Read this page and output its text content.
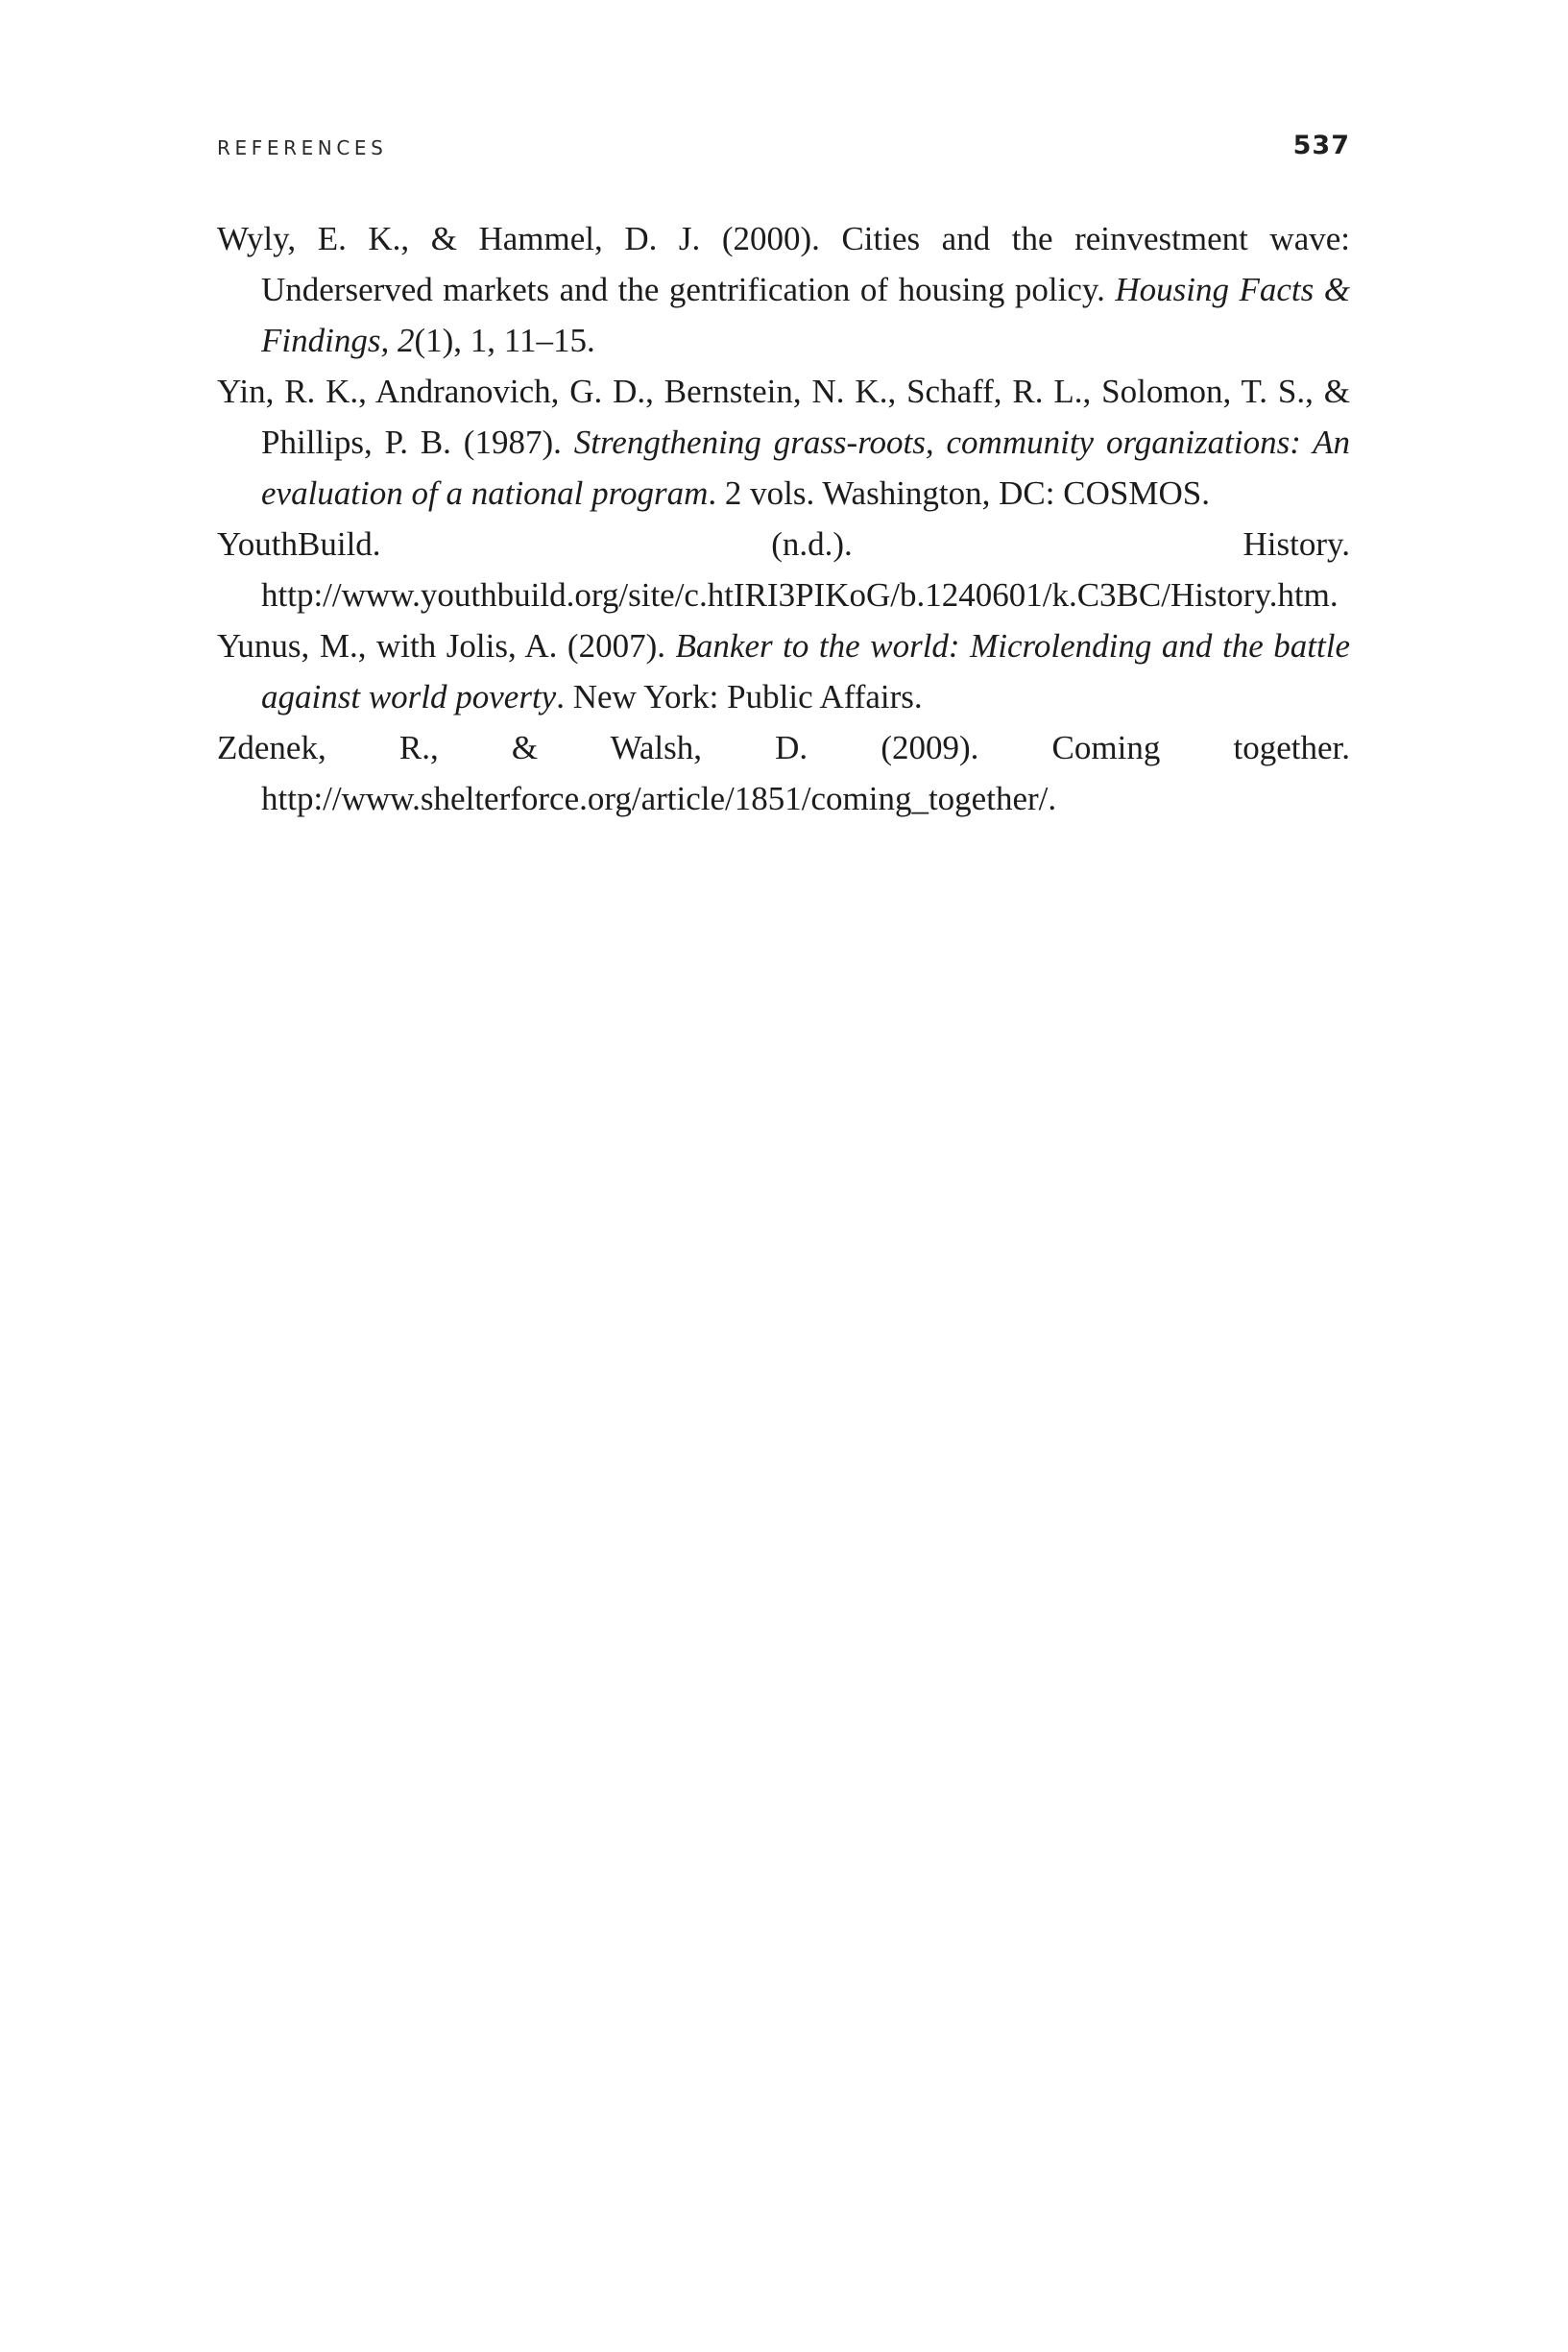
REFERENCES	537
Wyly, E. K., & Hammel, D. J. (2000). Cities and the reinvestment wave: Underserved markets and the gentrification of housing policy. Housing Facts & Findings, 2(1), 1, 11–15.
Yin, R. K., Andranovich, G. D., Bernstein, N. K., Schaff, R. L., Solomon, T. S., & Phillips, P. B. (1987). Strengthening grass-roots, community organizations: An evaluation of a national program. 2 vols. Washington, DC: COSMOS.
YouthBuild. (n.d.). History. http://www.youthbuild.org/site/c.htIRI3PIKoG/b.1240601/k.C3BC/History.htm.
Yunus, M., with Jolis, A. (2007). Banker to the world: Microlending and the battle against world poverty. New York: Public Affairs.
Zdenek, R., & Walsh, D. (2009). Coming together. http://www.shelterforce.org/article/1851/coming_together/.
